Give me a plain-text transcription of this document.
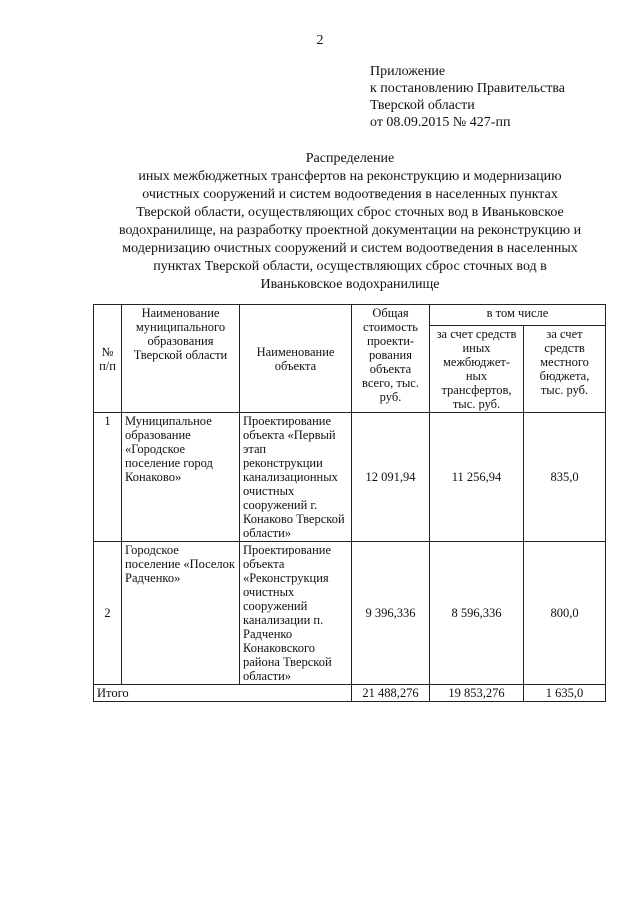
2
Приложение
к постановлению Правительства
Тверской области
от 08.09.2015 № 427-пп
Распределение
иных межбюджетных трансфертов на реконструкцию и модернизацию
очистных сооружений и систем водоотведения в населенных пунктах
Тверской области, осуществляющих сброс сточных вод в Иваньковское
водохранилище, на разработку проектной документации на реконструкцию и
модернизацию очистных сооружений и систем водоотведения в населенных
пунктах Тверской области, осуществляющих сброс сточных вод в
Иваньковское водохранилище
№ п/п	Наименование муниципального образования Тверской области	Наименование объекта	Общая стоимость проекти- рования объекта всего, тыс. руб.	в том числе	
				за счет средств иных межбюджет- ных трансфертов, тыс. руб.	за счет средств местного бюджета, тыс. руб.
1	Муниципальное образование «Городское поселение город Конаково»	Проектирование объекта «Первый этап реконструкции канализационных очистных сооружений г. Конаково Тверской области»	12 091,94	11 256,94	835,0
2	Городское поселение «Поселок Радченко»	Проектирование объекта «Реконструкция очистных сооружений канализации п. Радченко Конаковского района Тверской области»	9 396,336	8 596,336	800,0
Итого			21 488,276	19 853,276	1 635,0
